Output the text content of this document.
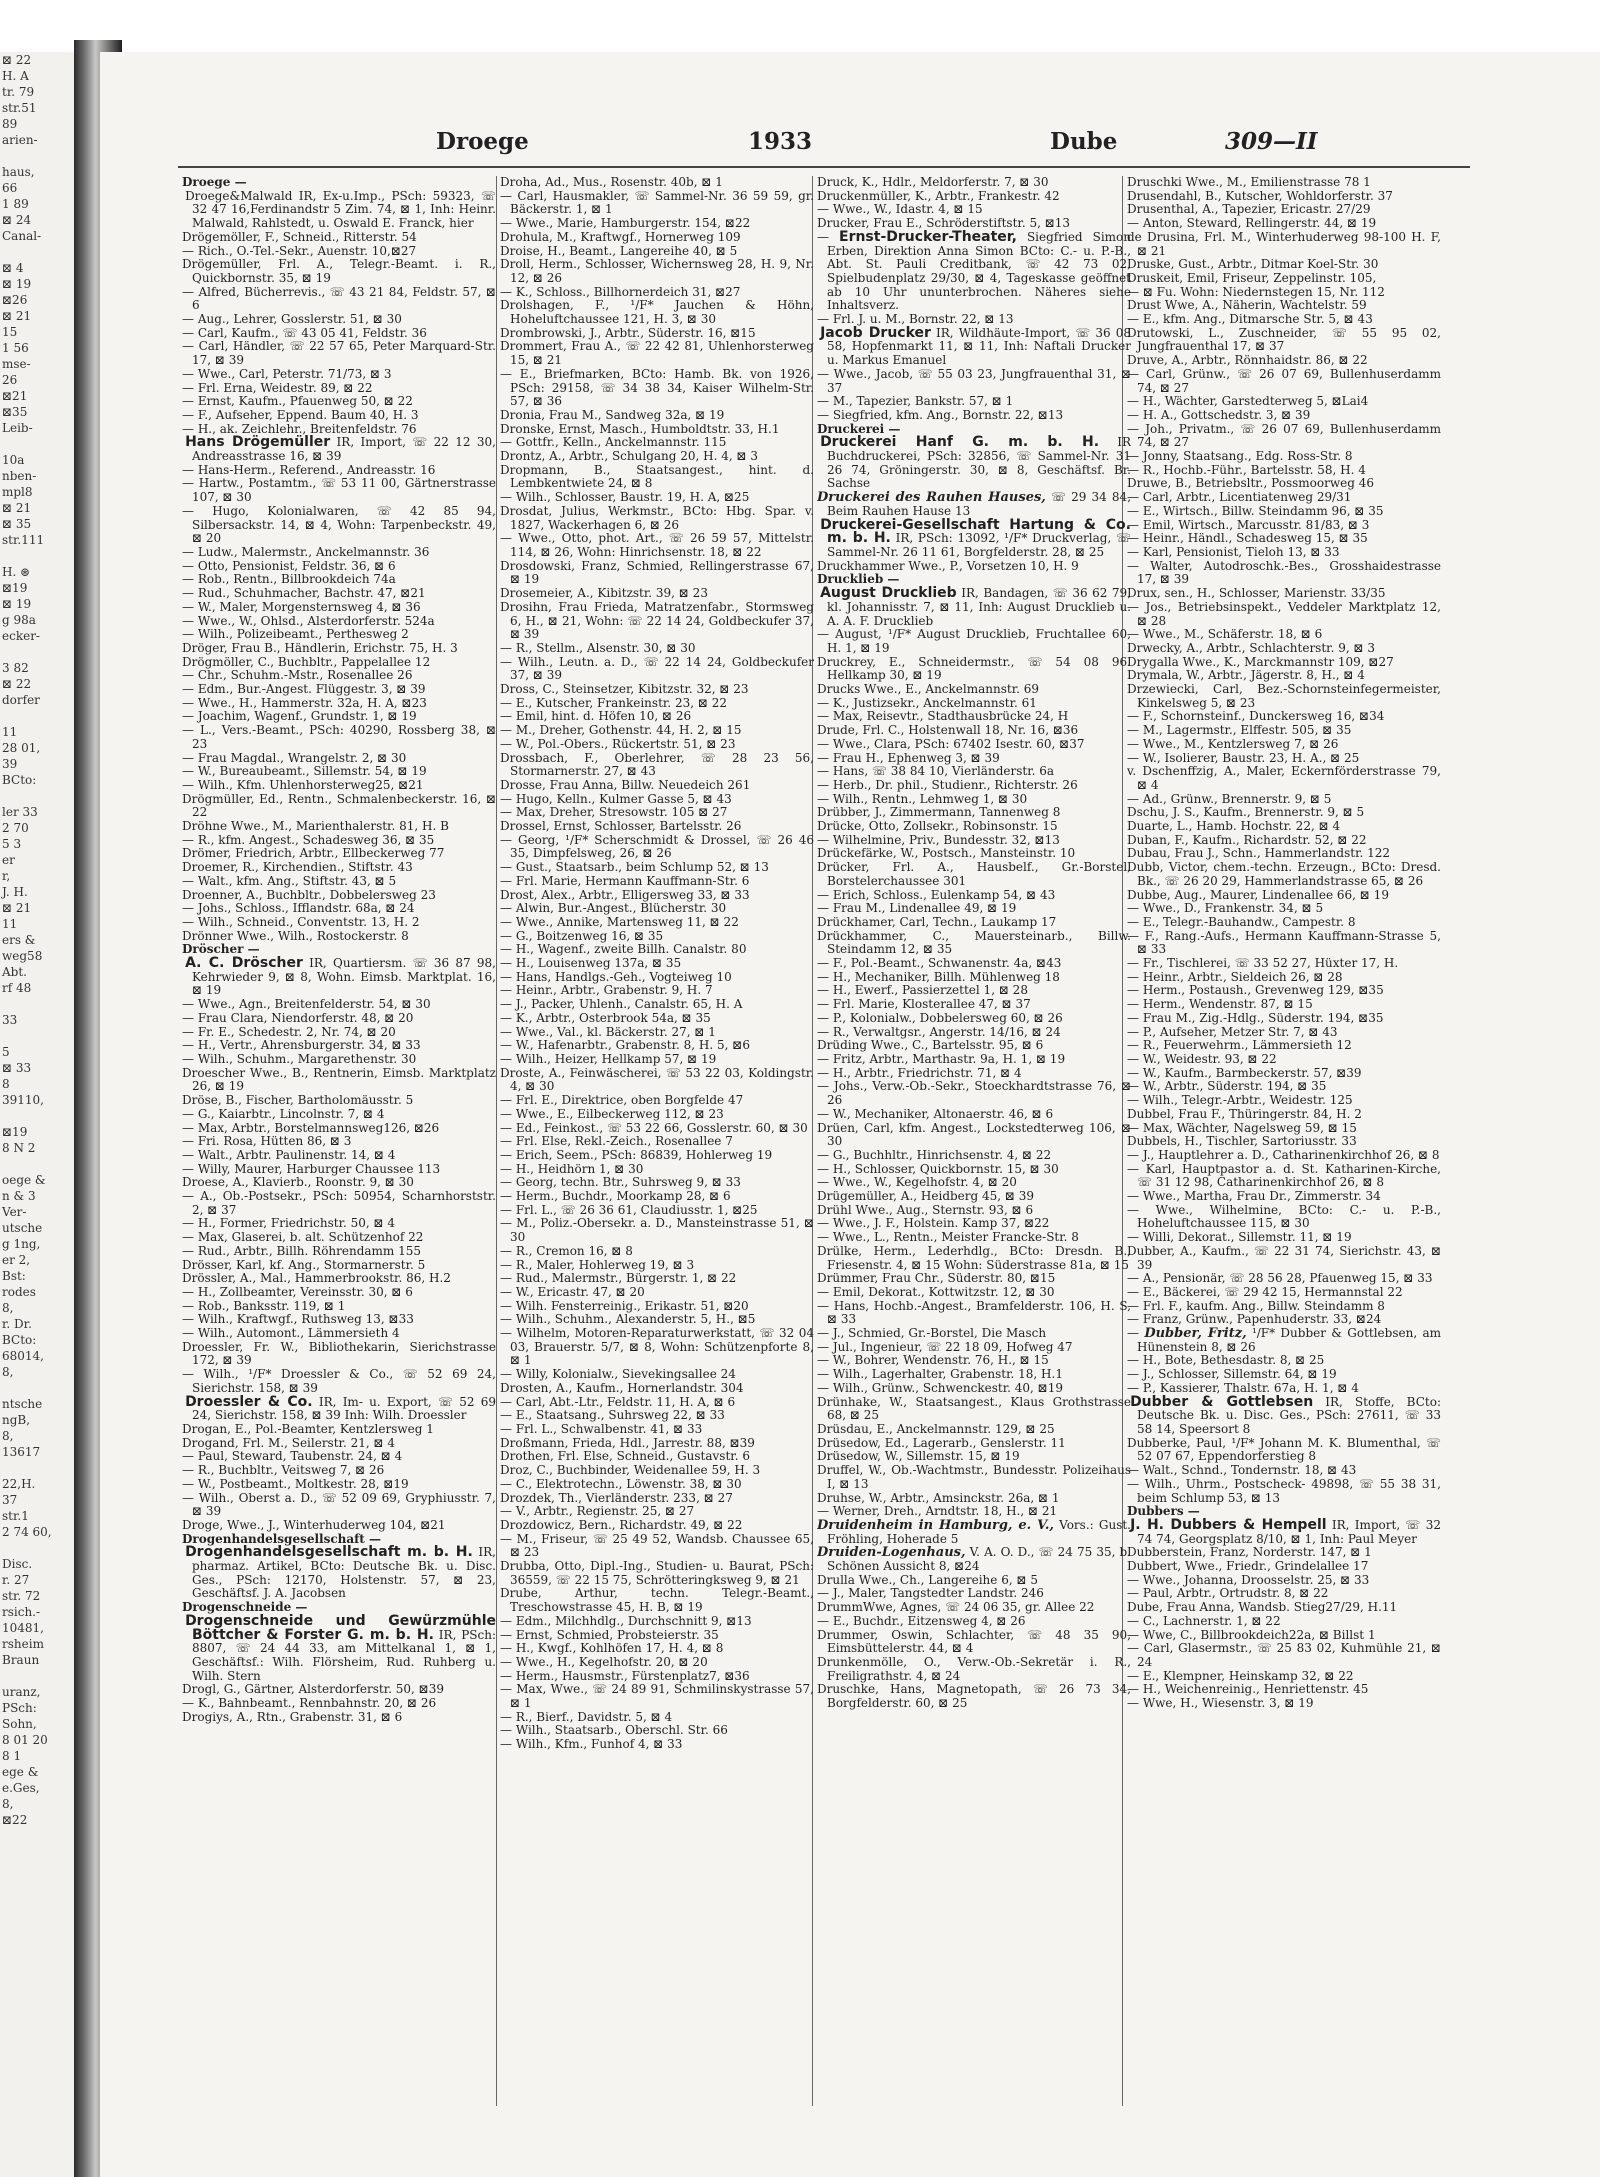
⊠ 22
H. A
tr. 79
str.51
89
arien-

haus,
66
1 89
⊠ 24
Canal-

⊠ 4
⊠ 19
⊠26
⊠ 21
15
1 56
mse-
26
⊠21
⊠35
Leib-

10a
nben-
mpl8
⊠ 21
⊠ 35
str.111

H. ⊛
⊠19
⊠ 19
g 98a
ecker-

3 82
⊠ 22
dorfer

11
28 01,
39
BCto:

ler 33
2 70
5 3
er
r,
J. H.
⊠ 21
11
ers &
weg58
Abt.
rf 48

33

5
⊠ 33
8
39110,

⊠19
8 N 2

oege &
n & 3
Ver-
utsche
g 1ng,
er 2,
Bst:
rodes
8,
r. Dr.
BCto:
68014,
8,

ntsche
ngB,
8,
13617

22,H.
37
str.1
2 74 60,

Disc.
r. 27
str. 72
rsich.-
10481,
rsheim
Braun

uranz,
PSch:
Sohn,
8 01 20
8 1
ege &
e.Ges,
8,
⊠22
Droege	1933	Dube	309—II
Droege —
Droege&Malwald IR, Ex-u.Imp., PSch: 59323, ☏ 32 47 16,Ferdinandstr 5 Zim. 74, ⊠ 1, Inh: Heinr. Malwald, Rahlstedt, u. Oswald E. Franck, hier
Drögemöller, F., Schneid., Ritterstr. 54
— Rich., O.-Tel.-Sekr., Auenstr. 10,⊠27
Drögemüller, Frl. A., Telegr.-Beamt. i. R., Quickbornstr. 35, ⊠ 19
— Alfred, Bücherrevis., ☏ 43 21 84, Feldstr. 57, ⊠ 6
— Aug., Lehrer, Gosslerstr. 51, ⊠ 30
— Carl, Kaufm., ☏ 43 05 41, Feldstr. 36
— Carl, Händler, ☏ 22 57 65, Peter Marquard-Str. 17, ⊠ 39
— Wwe., Carl, Peterstr. 71/73, ⊠ 3
— Frl. Erna, Weidestr. 89, ⊠ 22
— Ernst, Kaufm., Pfauenweg 50, ⊠ 22
— F., Aufseher, Eppend. Baum 40, H. 3
— H., ak. Zeichlehr., Breitenfeldstr. 76
Hans Drögemüller IR, Import, ☏ 22 12 30, Andreasstrasse 16, ⊠ 39
— Hans-Herm., Referend., Andreasstr. 16
— Hartw., Postamtm., ☏ 53 11 00, Gärtnerstrasse 107, ⊠ 30
— Hugo, Kolonialwaren, ☏ 42 85 94, Silbersackstr. 14, ⊠ 4, Wohn: Tarpenbeckstr. 49, ⊠ 20
— Ludw., Malermstr., Anckelmannstr. 36
— Otto, Pensionist, Feldstr. 36, ⊠ 6
— Rob., Rentn., Billbrookdeich 74a
— Rud., Schuhmacher, Bachstr. 47, ⊠21
— W., Maler, Morgensternsweg 4, ⊠ 36
— Wwe., W., Ohlsd., Alsterdorferstr. 524a
— Wilh., Polizeibeamt., Perthesweg 2
Dröger, Frau B., Händlerin, Erichstr. 75, H. 3
Drögmöller, C., Buchbltr., Pappelallee 12
— Chr., Schuhm.-Mstr., Rosenallee 26
— Edm., Bur.-Angest. Flüggestr. 3, ⊠ 39
— Wwe., H., Hammerstr. 32a, H. A, ⊠23
— Joachim, Wagenf., Grundstr. 1, ⊠ 19
— L., Vers.-Beamt., PSch: 40290, Rossberg 38, ⊠ 23
— Frau Magdal., Wrangelstr. 2, ⊠ 30
— W., Bureaubeamt., Sillemstr. 54, ⊠ 19
— Wilh., Kfm. Uhlenhorsterweg25, ⊠21
Drögmüller, Ed., Rentn., Schmalenbeckerstr. 16, ⊠ 22
Dröhne Wwe., M., Marienthalerstr. 81, H. B
— R., kfm. Angest., Schadesweg 36, ⊠ 35
Drömer, Friedrich, Arbtr., Ellbeckerweg 77
Droemer, R., Kirchendien., Stiftstr. 43
— Walt., kfm. Ang., Stiftstr. 43, ⊠ 5
Droenner, A., Buchbltr., Dobbelersweg 23
— Johs., Schloss., Ifflandstr. 68a, ⊠ 24
— Wilh., Schneid., Conventstr. 13, H. 2
Drönner Wwe., Wilh., Rostockerstr. 8
Dröscher —
A. C. Dröscher IR, Quartiersm. ☏ 36 87 98, Kehrwieder 9, ⊠ 8, Wohn. Eimsb. Marktplat. 16, ⊠ 19
— Wwe., Agn., Breitenfelderstr. 54, ⊠ 30
— Frau Clara, Niendorferstr. 48, ⊠ 20
— Fr. E., Schedestr. 2, Nr. 74, ⊠ 20
— H., Vertr., Ahrensburgerstr. 34, ⊠ 33
— Wilh., Schuhm., Margarethenstr. 30
Droescher Wwe., B., Rentnerin, Eimsb. Marktplatz 26, ⊠ 19
Dröse, B., Fischer, Bartholomäusstr. 5
— G., Kaiarbtr., Lincolnstr. 7, ⊠ 4
— Max, Arbtr., Borstelmannsweg126, ⊠26
— Fri. Rosa, Hütten 86, ⊠ 3
— Walt., Arbtr. Paulinenstr. 14, ⊠ 4
— Willy, Maurer, Harburger Chaussee 113
Droese, A., Klavierb., Roonstr. 9, ⊠ 30
— A., Ob.-Postsekr., PSch: 50954, Scharnhorststr. 2, ⊠ 37
— H., Former, Friedrichstr. 50, ⊠ 4
— Max, Glaserei, b. alt. Schützenhof 22
— Rud., Arbtr., Billh. Röhrendamm 155
Drösser, Karl, kf. Ang., Stormarnerstr. 5
Drössler, A., Mal., Hammerbrookstr. 86, H.2
— H., Zollbeamter, Vereinsstr. 30, ⊠ 6
— Rob., Banksstr. 119, ⊠ 1
— Wilh., Kraftwgf., Ruthsweg 13, ⊠33
— Wilh., Automont., Lämmersieth 4
Droessler, Fr. W., Bibliothekarin, Sierichstrasse 172, ⊠ 39
— Wilh., ¹/F* Droessler & Co., ☏ 52 69 24, Sierichstr. 158, ⊠ 39
Droessler & Co. IR, Im- u. Export, ☏ 52 69 24, Sierichstr. 158, ⊠ 39 Inh: Wilh. Droessler
Drogan, E., Pol.-Beamter, Kentzlersweg 1
Drogand, Frl. M., Seilerstr. 21, ⊠ 4
— Paul, Steward, Taubenstr. 24, ⊠ 4
— R., Buchbltr., Veitsweg 7, ⊠ 26
— W., Postbeamt., Moltkestr. 28, ⊠19
— Wilh., Oberst a. D., ☏ 52 09 69, Gryphiusstr. 7, ⊠ 39
Droge, Wwe., J., Winterhuderweg 104, ⊠21
Drogenhandelsgesellschaft —
Drogenhandelsgesellschaft m. b. H. IR, pharmaz. Artikel, BCto: Deutsche Bk. u. Disc. Ges., PSch: 12170, Holstenstr. 57, ⊠ 23, Geschäftsf. J. A. Jacobsen
Drogenschneide —
Drogenschneide und Gewürzmühle Böttcher & Forster G. m. b. H. IR, PSch: 8807, ☏ 24 44 33, am Mittelkanal 1, ⊠ 1, Geschäftsf.: Wilh. Flörsheim, Rud. Ruhberg u. Wilh. Stern
Drogl, G., Gärtner, Alsterdorferstr. 50, ⊠39
— K., Bahnbeamt., Rennbahnstr. 20, ⊠ 26
Drogiys, A., Rtn., Grabenstr. 31, ⊠ 6
Droha, Ad., Mus., Rosenstr. 40b, ⊠ 1
— Carl, Hausmakler, ☏ Sammel-Nr. 36 59 59, gr. Bäckerstr. 1, ⊠ 1
— Wwe., Marie, Hamburgerstr. 154, ⊠22
Drohula, M., Kraftwgf., Hornerweg 109
Droise, H., Beamt., Langereihe 40, ⊠ 5
Droll, Herm., Schlosser, Wichernsweg 28, H. 9, Nr. 12, ⊠ 26
— K., Schloss., Billhornerdeich 31, ⊠27
Drolshagen, F., ¹/F* Jauchen & Höhn, Hoheluftchaussee 121, H. 3, ⊠ 30
Drombrowski, J., Arbtr., Süderstr. 16, ⊠15
Drommert, Frau A., ☏ 22 42 81, Uhlenhorsterweg 15, ⊠ 21
— E., Briefmarken, BCto: Hamb. Bk. von 1926, PSch: 29158, ☏ 34 38 34, Kaiser Wilhelm-Str. 57, ⊠ 36
Dronia, Frau M., Sandweg 32a, ⊠ 19
Dronske, Ernst, Masch., Humboldtstr. 33, H.1
— Gottfr., Kelln., Anckelmannstr. 115
Drontz, A., Arbtr., Schulgang 20, H. 4, ⊠ 3
Dropmann, B., Staatsangest., hint. d. Lembkentwiete 24, ⊠ 8
— Wilh., Schlosser, Baustr. 19, H. A, ⊠25
Drosdat, Julius, Werkmstr., BCto: Hbg. Spar. v. 1827, Wackerhagen 6, ⊠ 26
— Wwe., Otto, phot. Art., ☏ 26 59 57, Mittelstr. 114, ⊠ 26, Wohn: Hinrichsenstr. 18, ⊠ 22
Drosdowski, Franz, Schmied, Rellingerstrasse 67, ⊠ 19
Drosemeier, A., Kibitzstr. 39, ⊠ 23
Drosihn, Frau Frieda, Matratzenfabr., Stormsweg 6, H., ⊠ 21, Wohn: ☏ 22 14 24, Goldbeckufer 37, ⊠ 39
— R., Stellm., Alsenstr. 30, ⊠ 30
— Wilh., Leutn. a. D., ☏ 22 14 24, Goldbeckufer 37, ⊠ 39
Dross, C., Steinsetzer, Kibitzstr. 32, ⊠ 23
— E., Kutscher, Frankeinstr. 23, ⊠ 22
— Emil, hint. d. Höfen 10, ⊠ 26
— M., Dreher, Gothenstr. 44, H. 2, ⊠ 15
— W., Pol.-Obers., Rückertstr. 51, ⊠ 23
Drossbach, F., Oberlehrer, ☏ 28 23 56, Stormarnerstr. 27, ⊠ 43
Drosse, Frau Anna, Billw. Neuedeich 261
— Hugo, Kelln., Kulmer Gasse 5, ⊠ 43
— Max, Dreher, Stresowstr. 105 ⊠ 27
Drossel, Ernst, Schlosser, Bartelsstr. 26
— Georg, ¹/F* Scherschmidt & Drossel, ☏ 26 46 35, Dimpfelsweg, 26, ⊠ 26
— Gust., Staatsarb., beim Schlump 52, ⊠ 13
— Frl. Marie, Hermann Kauffmann-Str. 6
Drost, Alex., Arbtr., Elligersweg 33, ⊠ 33
— Alwin, Bur.-Angest., Blücherstr. 30
— Wwe., Annike, Martensweg 11, ⊠ 22
— G., Boitzenweg 16, ⊠ 35
— H., Wagenf., zweite Billh. Canalstr. 80
— H., Louisenweg 137a, ⊠ 35
— Hans, Handlgs.-Geh., Vogteiweg 10
— Heinr., Arbtr., Grabenstr. 9, H. 7
— J., Packer, Uhlenh., Canalstr. 65, H. A
— K., Arbtr., Osterbrook 54a, ⊠ 35
— Wwe., Val., kl. Bäckerstr. 27, ⊠ 1
— W., Hafenarbtr., Grabenstr. 8, H. 5, ⊠6
— Wilh., Heizer, Hellkamp 57, ⊠ 19
Droste, A., Feinwäscherei, ☏ 53 22 03, Koldingstr. 4, ⊠ 30
— Frl. E., Direktrice, oben Borgfelde 47
— Wwe., E., Eilbeckerweg 112, ⊠ 23
— Ed., Feinkost., ☏ 53 22 66, Gosslerstr. 60, ⊠ 30
— Frl. Else, Rekl.-Zeich., Rosenallee 7
— Erich, Seem., PSch: 86839, Hohlerweg 19
— H., Heidhörn 1, ⊠ 30
— Georg, techn. Btr., Suhrsweg 9, ⊠ 33
— Herm., Buchdr., Moorkamp 28, ⊠ 6
— Frl. L., ☏ 26 36 61, Claudiusstr. 1, ⊠25
— M., Poliz.-Obersekr. a. D., Mansteinstrasse 51, ⊠ 30
— R., Cremon 16, ⊠ 8
— R., Maler, Hohlerweg 19, ⊠ 3
— Rud., Malermstr., Bürgerstr. 1, ⊠ 22
— W., Ericastr. 47, ⊠ 20
— Wilh. Fensterreinig., Erikastr. 51, ⊠20
— Wilh., Schuhm., Alexanderstr. 5, H., ⊠5
— Wilhelm, Motoren-Reparaturwerkstatt, ☏ 32 04 03, Brauerstr. 5/7, ⊠ 8, Wohn: Schützenpforte 8, ⊠ 1
— Willy, Kolonialw., Sievekingsallee 24
Drosten, A., Kaufm., Hornerlandstr. 304
— Carl, Abt.-Ltr., Feldstr. 11, H. A, ⊠ 6
— E., Staatsang., Suhrsweg 22, ⊠ 33
— Frl. L., Schwalbenstr. 41, ⊠ 33
Droßmann, Frieda, Hdl., Jarrestr. 88, ⊠39
Drothen, Frl. Else, Schneid., Gustavstr. 6
Droz, C., Buchbinder, Weidenallee 59, H. 3
— C., Elektrotechn., Löwenstr. 38, ⊠ 30
Drozdek, Th., Vierländerstr. 233, ⊠ 27
— V., Arbtr., Regienstr. 25, ⊠ 27
Drozdowicz, Bern., Richardstr. 49, ⊠ 22
— M., Friseur, ☏ 25 49 52, Wandsb. Chaussee 65, ⊠ 23
Drubba, Otto, Dipl.-Ing., Studien- u. Baurat, PSch: 36559, ☏ 22 15 75, Schrötteringksweg 9, ⊠ 21
Drube, Arthur, techn. Telegr.-Beamt., Treschowstrasse 45, H. B, ⊠ 19
— Edm., Milchhdlg., Durchschnitt 9, ⊠13
— Ernst, Schmied, Probsteierstr. 35
— H., Kwgf., Kohlhöfen 17, H. 4, ⊠ 8
— Wwe., H., Kegelhofstr. 20, ⊠ 20
— Herm., Hausmstr., Fürstenplatz7, ⊠36
— Max, Wwe., ☏ 24 89 91, Schmilinskystrasse 57, ⊠ 1
— R., Bierf., Davidstr. 5, ⊠ 4
— Wilh., Staatsarb., Oberschl. Str. 66
— Wilh., Kfm., Funhof 4, ⊠ 33
Druck, K., Hdlr., Meldorferstr. 7, ⊠ 30
Druckenmüller, K., Arbtr., Frankestr. 42
— Wwe., W., Idastr. 4, ⊠ 15
Drucker, Frau E., Schröderstiftstr. 5, ⊠13
— Ernst-Drucker-Theater, Siegfried Simon Erben, Direktion Anna Simon BCto: C.- u. P.-B., Abt. St. Pauli Creditbank, ☏ 42 73 02, Spielbudenplatz 29/30, ⊠ 4, Tageskasse geöffnet ab 10 Uhr ununterbrochen. Näheres siehe Inhaltsverz.
— Frl. J. u. M., Bornstr. 22, ⊠ 13
Jacob Drucker IR, Wildhäute-Import, ☏ 36 08 58, Hopfenmarkt 11, ⊠ 11, Inh: Naftali Drucker u. Markus Emanuel
— Wwe., Jacob, ☏ 55 03 23, Jungfrauenthal 31, ⊠ 37
— M., Tapezier, Bankstr. 57, ⊠ 1
— Siegfried, kfm. Ang., Bornstr. 22, ⊠13
Druckerei —
Druckerei Hanf G. m. b. H. IR Buchdruckerei, PSch: 32856, ☏ Sammel-Nr. 31 26 74, Gröningerstr. 30, ⊠ 8, Geschäftsf. Br. Sachse
Druckerei des Rauhen Hauses, ☏ 29 34 84, Beim Rauhen Hause 13
Druckerei-Gesellschaft Hartung & Co. m. b. H. IR, PSch: 13092, ¹/F* Druckverlag, ☏ Sammel-Nr. 26 11 61, Borgfelderstr. 28, ⊠ 25
Druckhammer Wwe., P., Vorsetzen 10, H. 9
Drucklieb —
August Drucklieb IR, Bandagen, ☏ 36 62 79, kl. Johannisstr. 7, ⊠ 11, Inh: August Drucklieb u. A. A. F. Drucklieb
— August, ¹/F* August Drucklieb, Fruchtallee 60, H. 1, ⊠ 19
Druckrey, E., Schneidermstr., ☏ 54 08 96. Hellkamp 30, ⊠ 19
Drucks Wwe., E., Anckelmannstr. 69
— K., Justizsekr., Anckelmannstr. 61
— Max, Reisevtr., Stadthausbrücke 24, H
Drude, Frl. C., Holstenwall 18, Nr. 16, ⊠36
— Wwe., Clara, PSch: 67402 Isestr. 60, ⊠37
— Frau H., Ephenweg 3, ⊠ 39
— Hans, ☏ 38 84 10, Vierländerstr. 6a
— Herb., Dr. phil., Studienr., Richterstr. 26
— Wilh., Rentn., Lehmweg 1, ⊠ 30
Drübber, J., Zimmermann, Tannenweg 8
Drücke, Otto, Zollsekr., Robinsonstr. 15
— Wilhelmine, Priv., Bundesstr. 32, ⊠13
Drückefärke, W., Postsch., Mansteinstr. 10
Drücker, Frl. A., Hausbelf., Gr.-Borstel, Borstelerchaussee 301
— Erich, Schloss., Eulenkamp 54, ⊠ 43
— Frau M., Lindenallee 49, ⊠ 19
Drückhamer, Carl, Techn., Laukamp 17
Drückhammer, C., Mauersteinarb., Billw. Steindamm 12, ⊠ 35
— F., Pol.-Beamt., Schwanenstr. 4a, ⊠43
— H., Mechaniker, Billh. Mühlenweg 18
— H., Ewerf., Passierzettel 1, ⊠ 28
— Frl. Marie, Klosterallee 47, ⊠ 37
— P., Kolonialw., Dobbelersweg 60, ⊠ 26
— R., Verwaltgsr., Angerstr. 14/16, ⊠ 24
Drüding Wwe., C., Bartelsstr. 95, ⊠ 6
— Fritz, Arbtr., Marthastr. 9a, H. 1, ⊠ 19
— H., Arbtr., Friedrichstr. 71, ⊠ 4
— Johs., Verw.-Ob.-Sekr., Stoeckhardtstrasse 76, ⊠ 26
— W., Mechaniker, Altonaerstr. 46, ⊠ 6
Drüen, Carl, kfm. Angest., Lockstedterweg 106, ⊠ 30
— G., Buchhltr., Hinrichsenstr. 4, ⊠ 22
— H., Schlosser, Quickbornstr. 15, ⊠ 30
— Wwe., W., Kegelhofstr. 4, ⊠ 20
Drügemüller, A., Heidberg 45, ⊠ 39
Drühl Wwe., Aug., Sternstr. 93, ⊠ 6
— Wwe., J. F., Holstein. Kamp 37, ⊠22
— Wwe., L., Rentn., Meister Francke-Str. 8
Drülke, Herm., Lederhdlg., BCto: Dresdn. B., Friesenstr. 4, ⊠ 15 Wohn: Süderstrasse 81a, ⊠ 15
Drümmer, Frau Chr., Süderstr. 80, ⊠15
— Emil, Dekorat., Kottwitzstr. 12, ⊠ 30
— Hans, Hochb.-Angest., Bramfelderstr. 106, H. S, ⊠ 33
— J., Schmied, Gr.-Borstel, Die Masch
— Jul., Ingenieur, ☏ 22 18 09, Hofweg 47
— W., Bohrer, Wendenstr. 76, H., ⊠ 15
— Wilh., Lagerhalter, Grabenstr. 18, H.1
— Wilh., Grünw., Schwenckestr. 40, ⊠19
Drünhake, W., Staatsangest., Klaus Grothstrasse 68, ⊠ 25
Drüsdau, E., Anckelmannstr. 129, ⊠ 25
Drüsedow, Ed., Lagerarb., Genslerstr. 11
Drüsedow, W., Sillemstr. 15, ⊠ 19
Druffel, W., Ob.-Wachtmstr., Bundesstr. Polizeihaus I, ⊠ 13
Druhse, W., Arbtr., Amsinckstr. 26a, ⊠ 1
— Werner, Dreh., Arndtstr. 18, H., ⊠ 21
Druidenheim in Hamburg, e. V., Vors.: Gust. Fröhling, Hoherade 5
Druiden-Logenhaus, V. A. O. D., ☏ 24 75 35, b. Schönen Aussicht 8, ⊠24
Drulla Wwe., Ch., Langereihe 6, ⊠ 5
— J., Maler, Tangstedter Landstr. 246
DrummWwe, Agnes, ☏ 24 06 35, gr. Allee 22
— E., Buchdr., Eitzensweg 4, ⊠ 26
Drummer, Oswin, Schlachter, ☏ 48 35 90, Eimsbüttelerstr. 44, ⊠ 4
Drunkenmölle, O., Verw.-Ob.-Sekretär i. R., Freiligrathstr. 4, ⊠ 24
Druschke, Hans, Magnetopath, ☏ 26 73 34, Borgfelderstr. 60, ⊠ 25
Druschki Wwe., M., Emilienstrasse 78 1
Drusendahl, B., Kutscher, Wohldorferstr. 37
Drusenthal, A., Tapezier, Ericastr. 27/29
— Anton, Steward, Rellingerstr. 44, ⊠ 19
de Drusina, Frl. M., Winterhuderweg 98-100 H. F, ⊠ 21
Druske, Gust., Arbtr., Ditmar Koel-Str. 30
Druskeit, Emil, Friseur, Zeppelinstr. 105,
— ⊠ Fu. Wohn: Niedernstegen 15, Nr. 112
Drust Wwe, A., Näherin, Wachtelstr. 59
— E., kfm. Ang., Ditmarsche Str. 5, ⊠ 43
Drutowski, L., Zuschneider, ☏ 55 95 02, Jungfrauenthal 17, ⊠ 37
Druve, A., Arbtr., Rönnhaidstr. 86, ⊠ 22
— Carl, Grünw., ☏ 26 07 69, Bullenhuserdamm 74, ⊠ 27
— H., Wächter, Garstedterweg 5, ⊠Lai4
— H. A., Gottschedstr. 3, ⊠ 39
— Joh., Privatm., ☏ 26 07 69, Bullenhuserdamm 74, ⊠ 27
— Jonny, Staatsang., Edg. Ross-Str. 8
— R., Hochb.-Führ., Bartelsstr. 58, H. 4
Druwe, B., Betriebsltr., Possmoorweg 46
— Carl, Arbtr., Licentiatenweg 29/31
— E., Wirtsch., Billw. Steindamm 96, ⊠ 35
— Emil, Wirtsch., Marcusstr. 81/83, ⊠ 3
— Heinr., Händl., Schadesweg 15, ⊠ 35
— Karl, Pensionist, Tieloh 13, ⊠ 33
— Walter, Autodroschk.-Bes., Grosshaidestrasse 17, ⊠ 39
Drux, sen., H., Schlosser, Marienstr. 33/35
— Jos., Betriebsinspekt., Veddeler Marktplatz 12, ⊠ 28
— Wwe., M., Schäferstr. 18, ⊠ 6
Drwecky, A., Arbtr., Schlachterstr. 9, ⊠ 3
Drygalla Wwe., K., Marckmannstr 109, ⊠27
Drymala, W., Arbtr., Jägerstr. 8, H., ⊠ 4
Drzewiecki, Carl, Bez.-Schornsteinfegermeister, Kinkelsweg 5, ⊠ 23
— F., Schornsteinf., Dunckersweg 16, ⊠34
— M., Lagermstr., Elffestr. 505, ⊠ 35
— Wwe., M., Kentzlersweg 7, ⊠ 26
— W., Isolierer, Baustr. 23, H. A., ⊠ 25
v. Dschenffzig, A., Maler, Eckernförderstrasse 79, ⊠ 4
— Ad., Grünw., Brennerstr. 9, ⊠ 5
Dschu, J. S., Kaufm., Brennerstr. 9, ⊠ 5
Duarte, L., Hamb. Hochstr. 22, ⊠ 4
Duban, F., Kaufm., Richardstr. 52, ⊠ 22
Dubau, Frau J., Schn., Hammerlandstr. 122
Dubb, Victor, chem.-techn. Erzeugn., BCto: Dresd. Bk., ☏ 26 20 29, Hammerlandstrasse 65, ⊠ 26
Dubbe, Aug., Maurer, Lindenallee 66, ⊠ 19
— Wwe., D., Frankenstr. 34, ⊠ 5
— E., Telegr.-Bauhandw., Campestr. 8
— F., Rang.-Aufs., Hermann Kauffmann-Strasse 5, ⊠ 33
— Fr., Tischlerei, ☏ 33 52 27, Hüxter 17, H.
— Heinr., Arbtr., Sieldeich 26, ⊠ 28
— Herm., Postaush., Grevenweg 129, ⊠35
— Herm., Wendenstr. 87, ⊠ 15
— Frau M., Zig.-Hdlg., Süderstr. 194, ⊠35
— P., Aufseher, Metzer Str. 7, ⊠ 43
— R., Feuerwehrm., Lämmersieth 12
— W., Weidestr. 93, ⊠ 22
— W., Kaufm., Barmbeckerstr. 57, ⊠39
— W., Arbtr., Süderstr. 194, ⊠ 35
— Wilh., Telegr.-Arbtr., Weidestr. 125
Dubbel, Frau F., Thüringerstr. 84, H. 2
— Max, Wächter, Nagelsweg 59, ⊠ 15
Dubbels, H., Tischler, Sartoriusstr. 33
— J., Hauptlehrer a. D., Catharinenkirchhof 26, ⊠ 8
— Karl, Hauptpastor a. d. St. Katharinen-Kirche, ☏ 31 12 98, Catharinenkirchhof 26, ⊠ 8
— Wwe., Martha, Frau Dr., Zimmerstr. 34
— Wwe., Wilhelmine, BCto: C.- u. P.-B., Hoheluftchaussee 115, ⊠ 30
— Willi, Dekorat., Sillemstr. 11, ⊠ 19
Dubber, A., Kaufm., ☏ 22 31 74, Sierichstr. 43, ⊠ 39
— A., Pensionär, ☏ 28 56 28, Pfauenweg 15, ⊠ 33
— E., Bäckerei, ☏ 29 42 15, Hermannstal 22
— Frl. F., kaufm. Ang., Billw. Steindamm 8
— Franz, Grünw., Papenhuderstr. 33, ⊠24
— Dubber, Fritz, ¹/F* Dubber & Gottlebsen, am Hünenstein 8, ⊠ 26
— H., Bote, Bethesdastr. 8, ⊠ 25
— J., Schlosser, Sillemstr. 64, ⊠ 19
— P., Kassierer, Thalstr. 67a, H. 1, ⊠ 4
Dubber & Gottlebsen IR, Stoffe, BCto: Deutsche Bk. u. Disc. Ges., PSch: 27611, ☏ 33 58 14, Speersort 8
Dubberke, Paul, ¹/F* Johann M. K. Blumenthal, ☏ 52 07 67, Eppendorferstieg 8
— Walt., Schnd., Tondernstr. 18, ⊠ 43
— Wilh., Uhrm., Postscheck- 49898, ☏ 55 38 31, beim Schlump 53, ⊠ 13
Dubbers —
J. H. Dubbers & Hempell IR, Import, ☏ 32 74 74, Georgsplatz 8/10, ⊠ 1, Inh: Paul Meyer
Dubberstein, Franz, Norderstr. 147, ⊠ 1
Dubbert, Wwe., Friedr., Grindelallee 17
— Wwe., Johanna, Droosselstr. 25, ⊠ 33
— Paul, Arbtr., Ortrudstr. 8, ⊠ 22
Dube, Frau Anna, Wandsb. Stieg27/29, H.11
— C., Lachnerstr. 1, ⊠ 22
— Wwe, C., Billbrookdeich22a, ⊠ Billst 1
— Carl, Glasermstr., ☏ 25 83 02, Kuhmühle 21, ⊠ 24
— E., Klempner, Heinskamp 32, ⊠ 22
— H., Weichenreinig., Henriettenstr. 45
— Wwe, H., Wiesenstr. 3, ⊠ 19
